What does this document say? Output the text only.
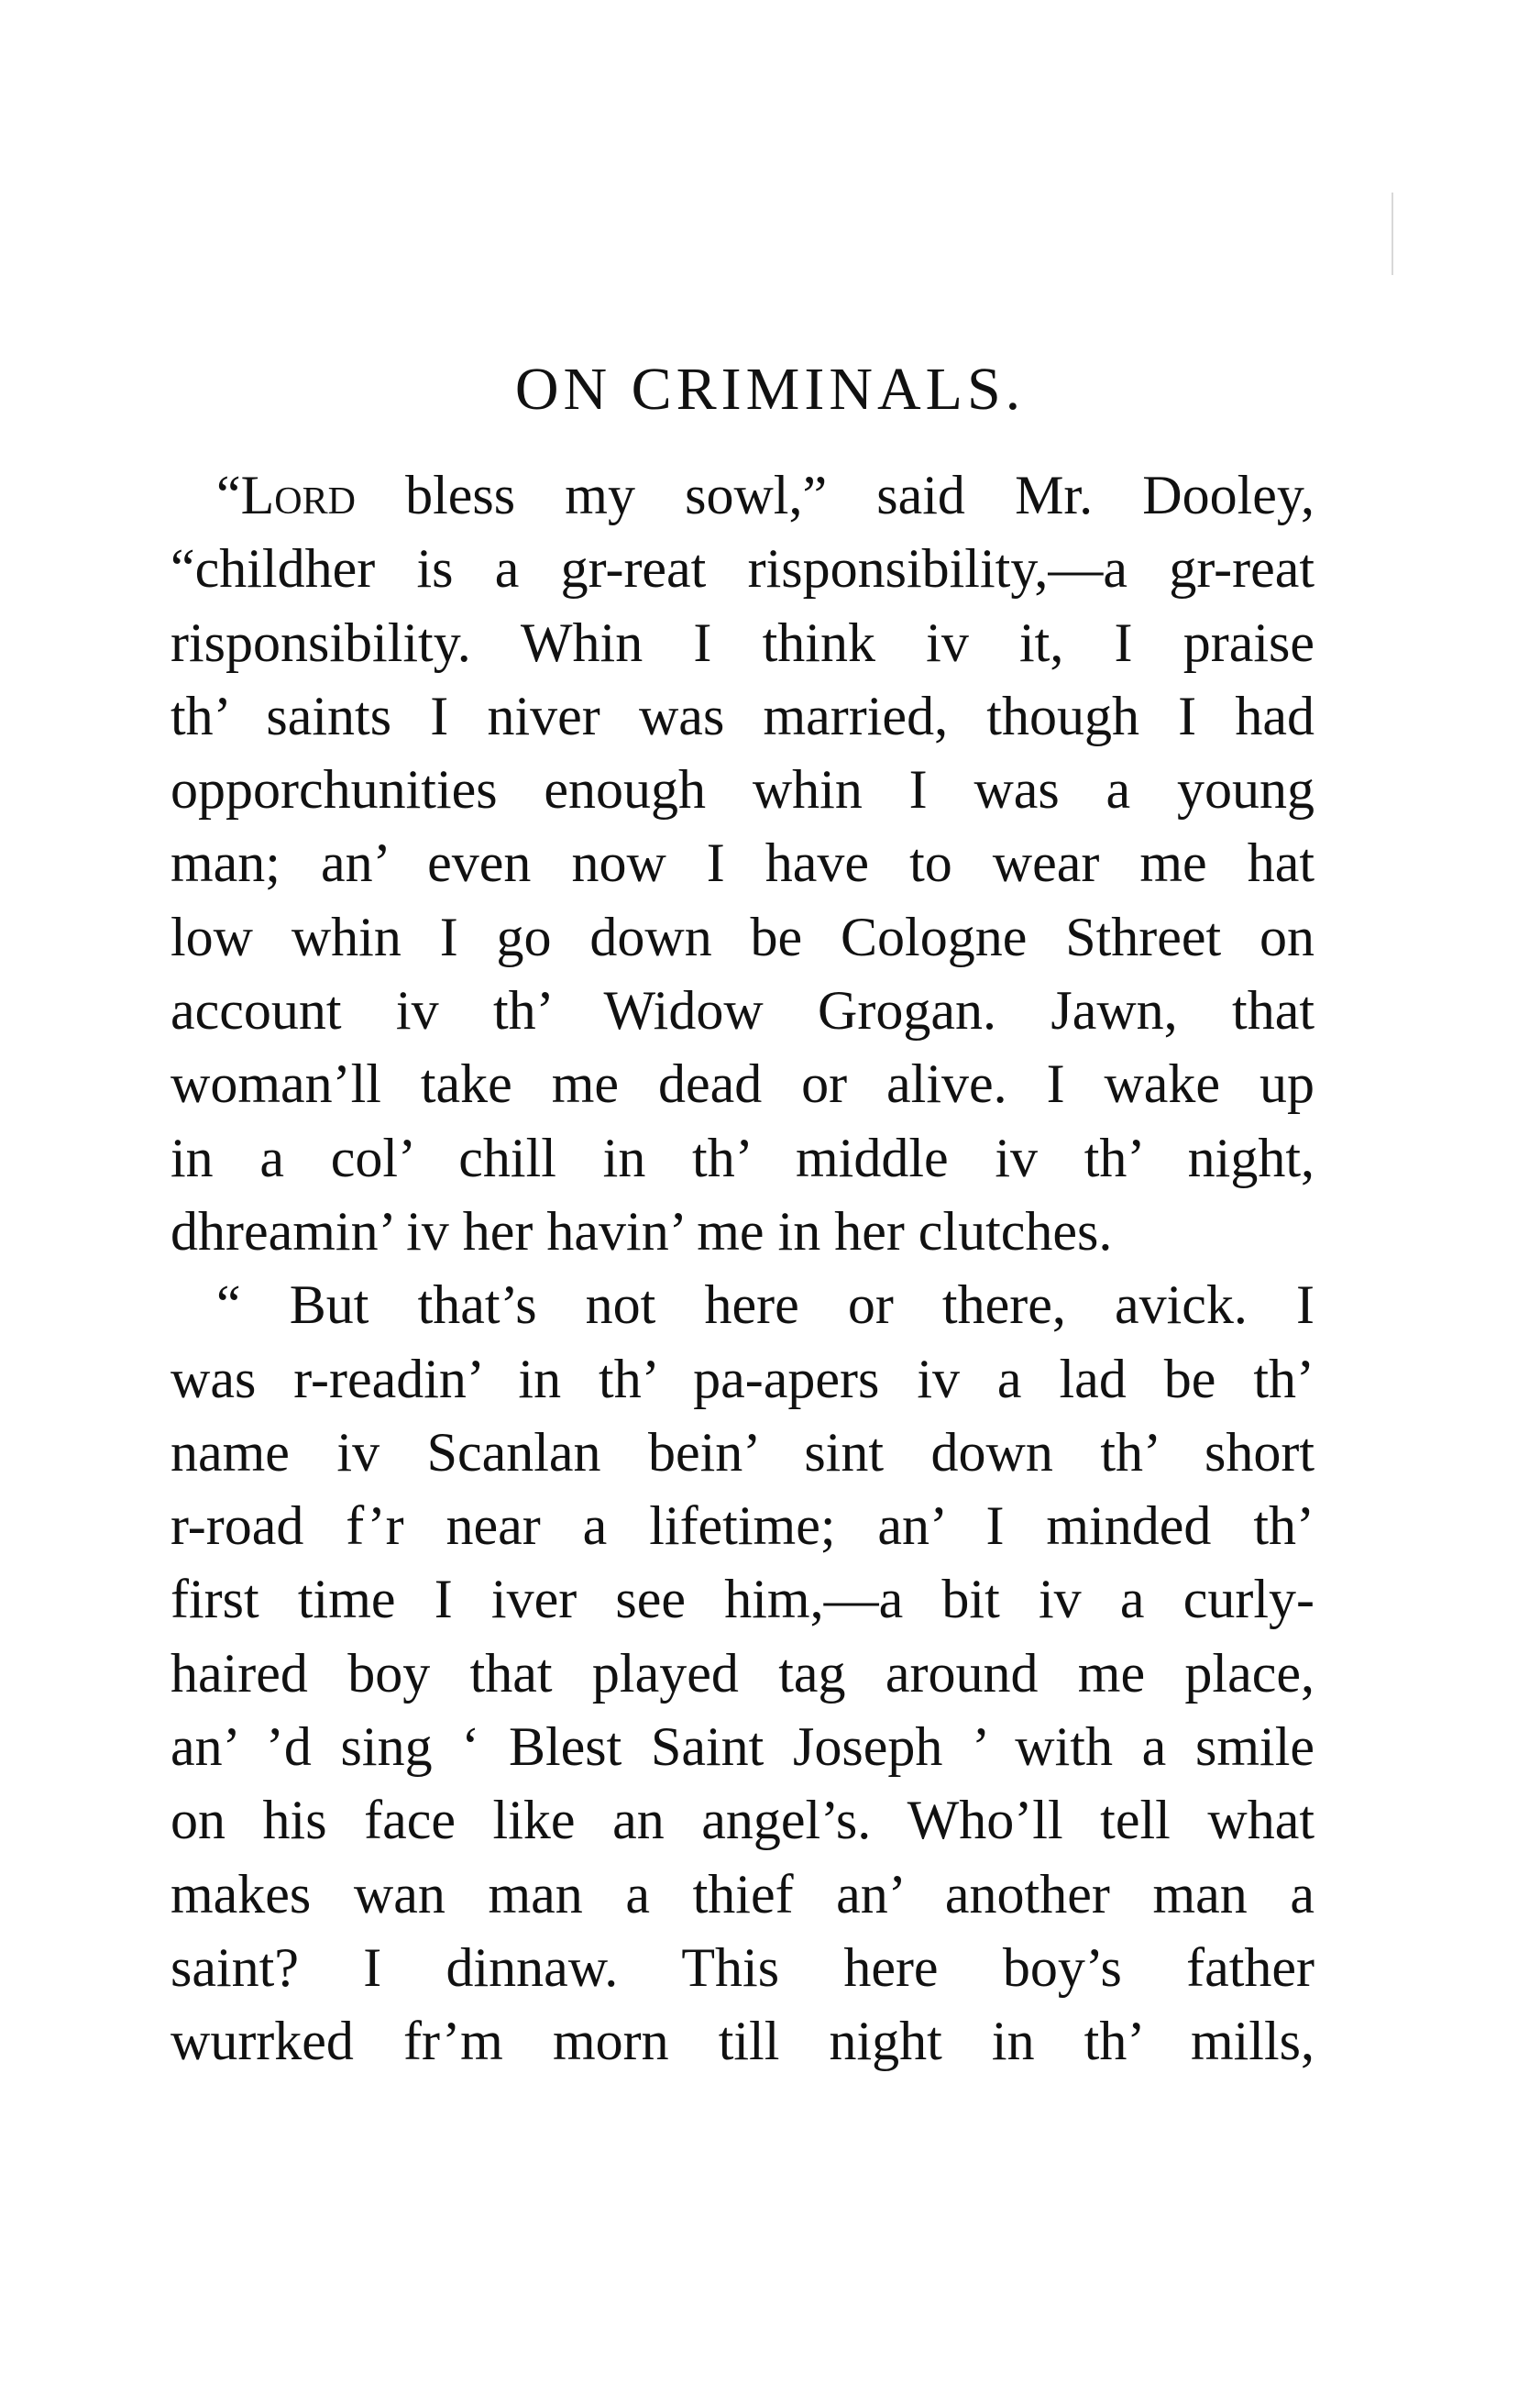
ON CRIMINALS.
“Lord bless my sowl,” said Mr. Dooley,
“childher is a gr-reat risponsibility,—a gr-reat
risponsibility. Whin I think iv it, I praise
th’ saints I niver was married, though I had
opporchunities enough whin I was a young
man; an’ even now I have to wear me hat
low whin I go down be Cologne Sthreet on
account iv th’ Widow Grogan. Jawn, that
woman’ll take me dead or alive. I wake up
in a col’ chill in th’ middle iv th’ night,
dhreamin’ iv her havin’ me in her clutches.
“ But that’s not here or there, avick. I
was r-readin’ in th’ pa-apers iv a lad be th’
name iv Scanlan bein’ sint down th’ short
r-road f’r near a lifetime; an’ I minded th’
first time I iver see him,—a bit iv a curly-
haired boy that played tag around me place,
an’ ’d sing ‘ Blest Saint Joseph ’ with a smile
on his face like an angel’s. Who’ll tell what
makes wan man a thief an’ another man a
saint? I dinnaw. This here boy’s father
wurrked fr’m morn till night in th’ mills,
